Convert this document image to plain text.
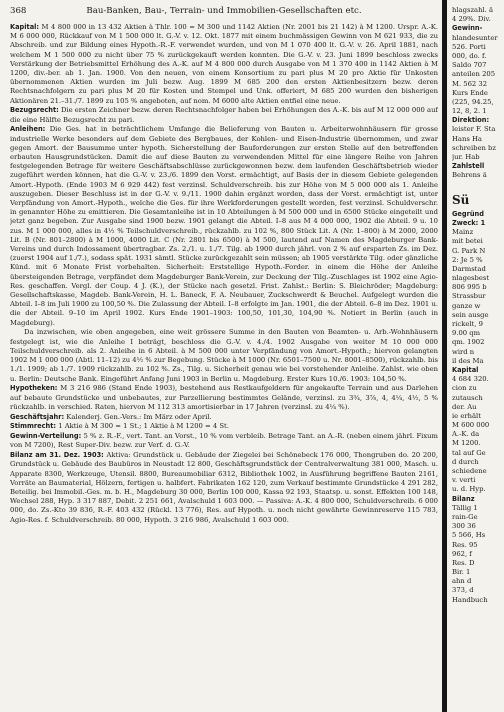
368	Bau-Banken, Bau-, Terrain- und Immobilien-Gesellschaften etc.

Kapital: M 4 800 000 in 13 432 Aktien à Thlr. 100 = M 300 und 1142 Aktien (Nr. 2001 bis 21 142) à M 1200. Urspr. A.-K. M 6 000 000, Rückkauf von M 1 500 000 lt. G.-V. v. 12. Okt. 1877 mit einem buchmässigen Gewinn von M 621 933, die zu Abschreib. und zur Bildung eines Hypoth.-R.-F. verwendet wurden, und von M 1 070 400 lt. G.-V. v. 26. April 1881, nach welchem M 1 500 000 zu nicht über 75 % zurückgekauft werden konnten. Die G.-V. v. 23. Juni 1899 beschloss zwecks Verstärkung der Betriebsmittel Erhöhung des A.-K. auf M 4 800 000 durch Ausgabe von M 1 370 400 in 1142 Aktien à M 1200, div.-ber. ab 1. Jan. 1900. Von den neuen, von einem Konsortium zu pari plus M 20 pro Aktie für Unkosten übernommenen Aktien wurden im Juli bezw. Aug. 1899 M 685 200 den ersten Aktienbesitzern bezw. deren Rechtsnachfolgern zu pari plus M 20 für Kosten und Stempel und Unk. offeriert, M 685 200 wurden den bisherigen Aktionären 21.–31./7. 1899 zu 105 % angeboten, auf nom. M 6000 alte Aktien entfiel eine neue.

Bezugsrecht: Die ersten Zeichner bezw. deren Rechtsnachfolger haben bei Erhöhungen des A.-K. bis auf M 12 000 000 auf die eine Hälfte Bezugsrecht zu pari.

Anleihen: Die Ges. hat in beträchtlichem Umfange die Belieferung von Bauten u. Arbeiterwohnhäusern für grosse industrielle Werke besonders auf dem Gebiete des Bergbaues, der Kohlen- und Eisen-Industrie übernommen, und zwar gegen Amort. der Bausumme unter hypoth. Sicherstellung der Bauforderungen zur ersten Stelle auf den betreffenden erbauten Hausgrundstücken. Damit die auf diese Bauten zu verwendenden Mittel für eine längere Reihe von Jahren festgelegenden Betrage für weitere Geschäftsabschlüsse zurückgewonnen bezw. dem laufenden Geschäftsbetrieb wieder zugeführt werden können, hat die G.-V. v. 23./6. 1899 den Vorst. ermächtigt, auf Basis der in diesem Gebiete gelegenden Amort.-Hypoth. (Ende 1903 M 6 929 442) fest verzinsl. Schuldverschreib. bis zur Höhe von M 5 000 000 als 1. Anleihe auszugeben. Dieser Beschluss ist in der G.-V. v. 9./11. 1900 dahin ergänzt worden, dass der Vorst. ermächtigt ist, unter Verpfändung von Amort.-Hypoth., welche die Ges. für ihre Werkforderungen gestellt worden, fest verzinsl. Schuldverschr. in genannter Höhe zu emittieren. Die Gesamtanleihe ist in 10 Abteilungen à M 500 000 und in 6500 Stücke eingeteilt und jetzt ganz begeben. Zur Ausgabe sind 1900 bezw. 1901 gelangt die Abteil. I–8 aus M 4 000 000, 1902 die Abteil. 9 u. 10 zus. M 1 000 000, alles in 4½ % Teilschuldverschreib., rückzahlb. zu 102 %, 800 Stück Lit. A (Nr. 1–800) à M 2000, 2000 Lit. B (Nr. 801–2800) à M 1000, 4000 Lit. C (Nr. 2801 bis 6500) à M 500, lautend auf Namen des Magdeburger Bank-Vereins und durch Indossament übertragbar. Zs. 2./1. u. 1./7. Tilg. ab 1900 durch jährl. von 2 % auf ersparten Zs. im Dez. (zuerst 1904 auf 1./7.), sodass spät. 1931 sämtl. Stücke zurückgezahlt sein müssen; ab 1905 verstärkte Tilg. oder gänzliche Künd. mit 6 Monate Frist vorbehalten. Sicherheit: Erststellige Hypoth.-Forder. in einem die Höhe der Anleihe übersteigenden Betrage, verpfändet dem Magdeburger Bank-Verein, zur Deckung der Tilg.-Zuschlages ist 1902 eine Agio-Res. geschaffen. Vergl. der Coup. 4 J. (K.), der Stücke nach gesetzl. Frist. Zahlst.: Berlin: S. Bleichröder; Magdeburg: Gesellschaftskasse, Magdeb. Bank-Verein, H. L. Baneck, F. A. Neubauer, Zuckschwerdt & Beuchel. Aufgelegt wurden die Abteil. I–8 im Juli 1900 zu 100,50 %. Die Zulassung der Abteil. I–8 erfolgte im Jan. 1901, die der Abteil. 6–8 im Dez. 1901 u. die der Abteil. 9–10 im April 1902. Kurs Ende 1901–1903: 100,50, 101,30, 104,90 %. Notiert in Berlin (auch in Magdeburg).

Da inzwischen, wie oben angegeben, eine weit grössere Summe in den Bauten von Beamten- u. Arb.-Wohnhäusern festgelegt ist, wie die Anleihe I beträgt, beschloss die G.-V. v. 4./4. 1902 Ausgabe von weiter M 10 000 000 Teilschuldverschreib. als 2. Anleihe in 6 Abteil. à M 500 000 unter Verpfändung von Amort.-Hypoth.; hiervon gelangten 1902 M 1 000 000 (Abtl. 11–12) zu 4½ % zur Begebung. Stücke à M 1000 (Nr. 6501–7500 u. Nr. 8001–8500), rückzahlb. bis 1./1. 1909; ab 1./7. 1909 rückzahlb. zu 102 %. Zs., Tilg. u. Sicherheit genau wie bei vorstehender Anleihe. Zahlst. wie oben u. Berlin: Deutsche Bank. Eingeführt Anfang Juni 1903 in Berlin u. Magdeburg. Erster Kurs 10./6. 1903: 104,50 %.

Hypotheken: M 3 216 986 (Stand Ende 1903), bestehend aus Restkaufgeldern für angekaufte Terrain und aus Darlehen auf bebaute Grundstücke und unbebautes, zur Parzellierung bestimmtes Gelände, verzinsl. zu 3¾, 3⅞, 4, 4¼, 4½, 5 % rückzahlb. in verschied. Raten, hiervon M 112 313 amortisierbar in 17 Jahren (verzinsl. zu 4¼ %).

Geschäftsjahr: Kalenderj. Gen.-Vers.: Im März oder April.

Stimmrecht: 1 Aktie à M 300 = 1 St.; 1 Aktie à M 1200 = 4 St.

Gewinn-Verteilung: 5 % z. R.-F., vert. Tant. an Vorst., 10 % vom verbleib. Betrage Tant. an A.-R. (neben einem jährl. Fixum von M 7200), Rest Super-Div. bezw. zur Verf. d. G.-V.

Bilanz am 31. Dez. 1903: Aktiva: Grundstück u. Gebäude der Ziegelei bei Schönebeck 176 000, Thongruben do. 20 200, Grundstück u. Gebäude des Baubüros in Neustadt 12 800, Geschäftsgrundstück der Centralverwaltung 381 000, Masch. u. Apparate 8300, Werkzeuge, Utensil. 8800, Bureaumobiliar 6312, Bibliothek 1002, in Ausführung begriffene Bauten 2161, Vorräte an Baumaterial, Hölzern, fertigen u. halbfert. Fabrikaten 162 120, zum Verkauf bestimmte Grundstücke 4 291 282, Beteilig. bei Immobil.-Ges. m. b. H., Magdeburg 30 000, Berlin 100 000, Kassa 92 193, Staatsp. u. sonst. Effekten 100 148, Wechsel 288, Hyp. 3 317 887, Debit. 2 251 661, Avalschuld 1 603 000. — Passiva: A.-K. 4 800 000, Schuldverschreib. 6 000 000, do. Zs.-Kto 39 836, R.-F. 403 432 (Rückl. 13 776), Res. auf Hypoth. u. noch nicht gewährte Gewinnreserve 115 783, Agio-Res. f. Schuldverschreib. 80 000, Hypoth. 3 216 986, Avalschuld 1 603 000.

hlagszahl. ä
4 29%. Div.
Gewinn-
hlandesunter
526. Porti
000, do. f.
Saldo 707
anteilen 205
M. 562 32
Kurs Ende
(225, 94.25,
12, 8, 2. 1
Direktion:
leister F. Sta
Hans Ha
schreiben bz
jur. Hab
Zahlstell
Behrens ä
Sü
Gegründ
Zweck: 1
Mainz
mit betei
G. Park N
2: Je 5 %
Darmstad
nlagesbest
806 995 b
Strassbur
ganze w
sein ausge
rickelt, 9
9.00 qm
qm. 1902
wird n
il des Ma
Kapital
4 684 320.
cion zu
zutausch
der. Au
ie erhält
M 600 000
A.-K. da
M 1200.
tal auf Ge
d durch
schiedene
v. verti
u. d. Hyp.
Bilanz
Tällig 1
rain-Ge
300 36
5 566, Hs
Res. 95
962, f
Res. D
Bir. 1
ahn d
373, d
Handbuch
